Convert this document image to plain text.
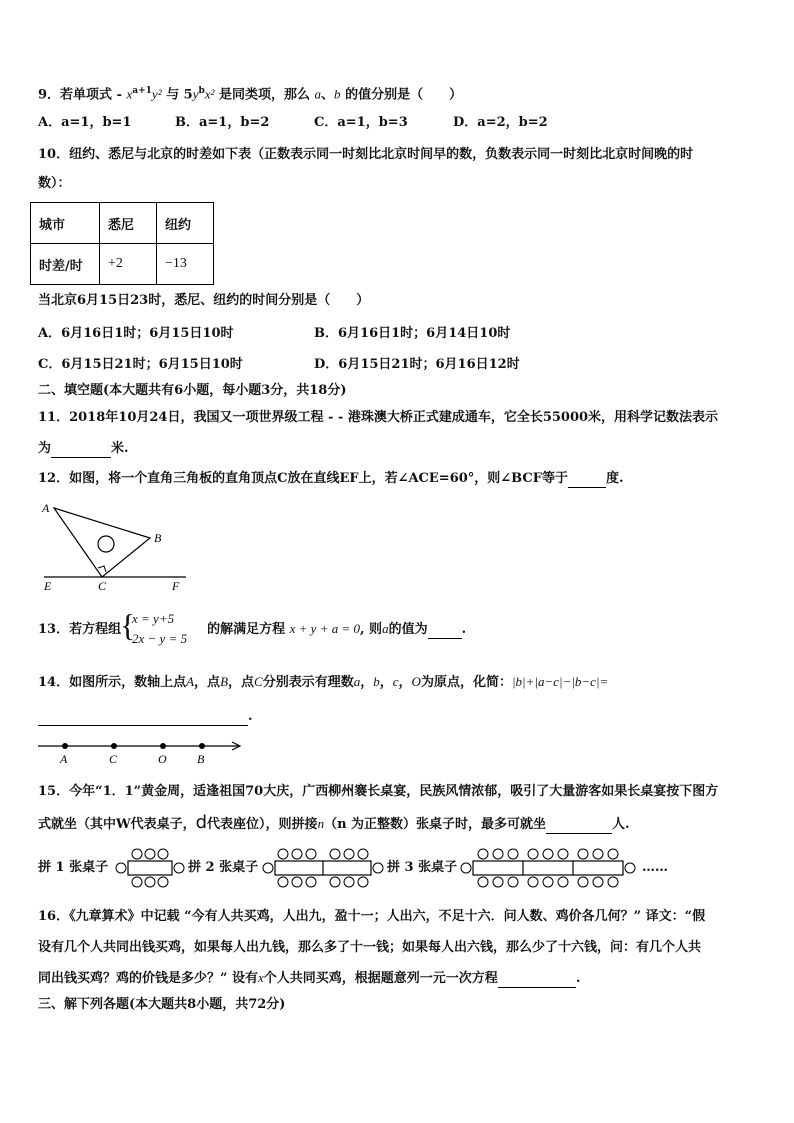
9．若单项式 - $x^{a+1}y^2$ 与 $5y^bx^2$ 是同类项，那么 a、b 的值分别是（　　）
A．a=1，b=1	B．a=1，b=2	C．a=1，b=3	D．a=2，b=2
10．纽约、悉尼与北京的时差如下表（正数表示同一时刻比北京时间早的数，负数表示同一时刻比北京时间晚的时
数）：
城市	悉尼	纽约
时差/时	+2	−13
当北京6月15日23时，悉尼、纽约的时间分别是（　　）
A．6月16日1时；6月15日10时	B．6月16日1时；6月14日10时
C．6月15日21时；6月15日10时	D．6月15日21时；6月16日12时
二、填空题(本大题共有6小题，每小题3分，共18分)
11．2018年10月24日，我国又一项世界级工程 - - 港珠澳大桥正式建成通车，它全长55000米，用科学记数法表示
为	米.
12．如图，将一个直角三角板的直角顶点C放在直线EF上，若∠ACE=60°，则∠BCF等于	度.
A
B
C
E	F
13．若方程组	的解满足方程 x + y + a = 0, 则a的值为	.
{
x = y+5
2x − y = 5
14．如图所示，数轴上点A，点B，点C分别表示有理数a，b，c，O为原点，化简：|b|+|a−c|−|b−c|=
.
A	C	O	B
15．今年“1．1”黄金周，适逢祖国70大庆，广西柳州褰长桌宴，民族风情浓郁，吸引了大量游客如果长桌宴按下图方
式就坐（其中W代表桌子，d代表座位），则拼接n（n 为正整数）张桌子时，最多可就坐	人.
拼 1 张桌子	拼 2 张桌子	拼 3 张桌子	……
16．《九章算术》中记载 “今有人共买鸡，人出九，盈十一；人出六，不足十六．问人数、鸡价各几何？” 译文：“假
设有几个人共同出钱买鸡，如果每人出九钱，那么多了十一钱；如果每人出六钱，那么少了十六钱，问：有几个人共
同出钱买鸡？鸡的价钱是多少？” 设有x个人共同买鸡，根据题意列一元一次方程	.
三、解下列各题(本大题共8小题，共72分)
